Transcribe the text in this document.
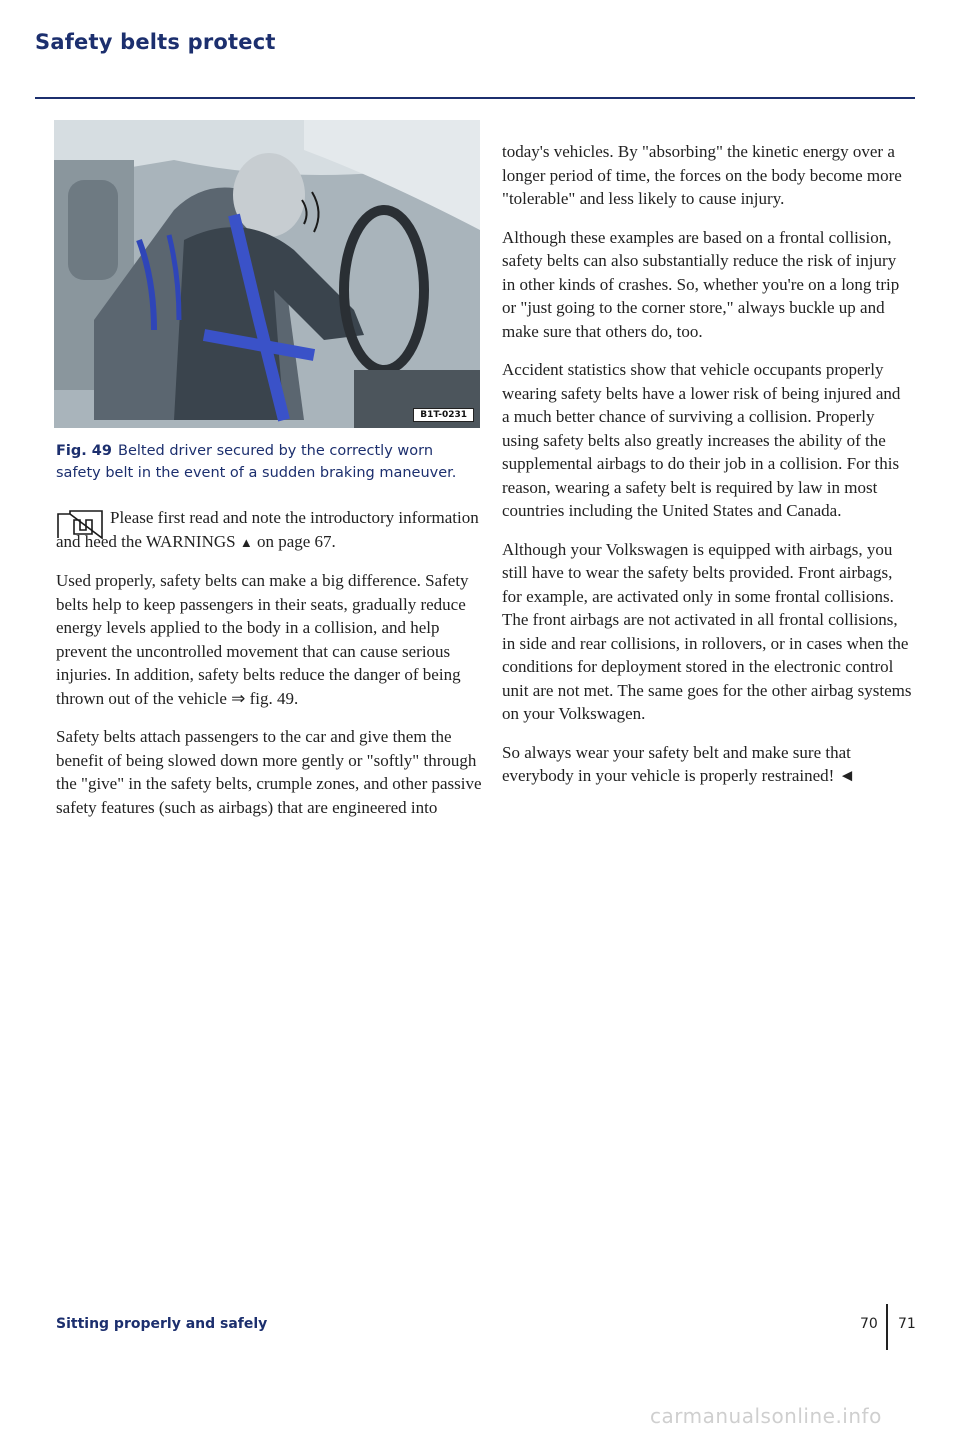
Safety belts protect
B1T-0231
Fig. 49 Belted driver secured by the correctly worn safety belt in the event of a sudden braking maneuver.

Please first read and note the introductory information and heed the WARNINGS ▲ on page 67.

Used properly, safety belts can make a big difference. Safety belts help to keep passengers in their seats, gradually reduce energy levels applied to the body in a collision, and help prevent the uncontrolled movement that can cause serious injuries. In addition, safety belts reduce the danger of being thrown out of the vehicle ⇒ fig. 49.

Safety belts attach passengers to the car and give them the benefit of being slowed down more gently or "softly" through the "give" in the safety belts, crumple zones, and other passive safety features (such as airbags) that are engineered into

today's vehicles. By "absorbing" the kinetic energy over a longer period of time, the forces on the body become more "tolerable" and less likely to cause injury.

Although these examples are based on a frontal collision, safety belts can also substantially reduce the risk of injury in other kinds of crashes. So, whether you're on a long trip or "just going to the corner store," always buckle up and make sure that others do, too.

Accident statistics show that vehicle occupants properly wearing safety belts have a lower risk of being injured and a much better chance of surviving a collision. Properly using safety belts also greatly increases the ability of the supplemental airbags to do their job in a collision. For this reason, wearing a safety belt is required by law in most countries including the United States and Canada.

Although your Volkswagen is equipped with airbags, you still have to wear the safety belts provided. Front airbags, for example, are activated only in some frontal collisions. The front airbags are not activated in all frontal collisions, in side and rear collisions, in rollovers, or in cases when the conditions for deployment stored in the electronic control unit are not met. The same goes for the other airbag systems on your Volkswagen.

So always wear your safety belt and make sure that everybody in your vehicle is properly restrained! ◄

Sitting properly and safely	70 71
carmanualsonline.info
